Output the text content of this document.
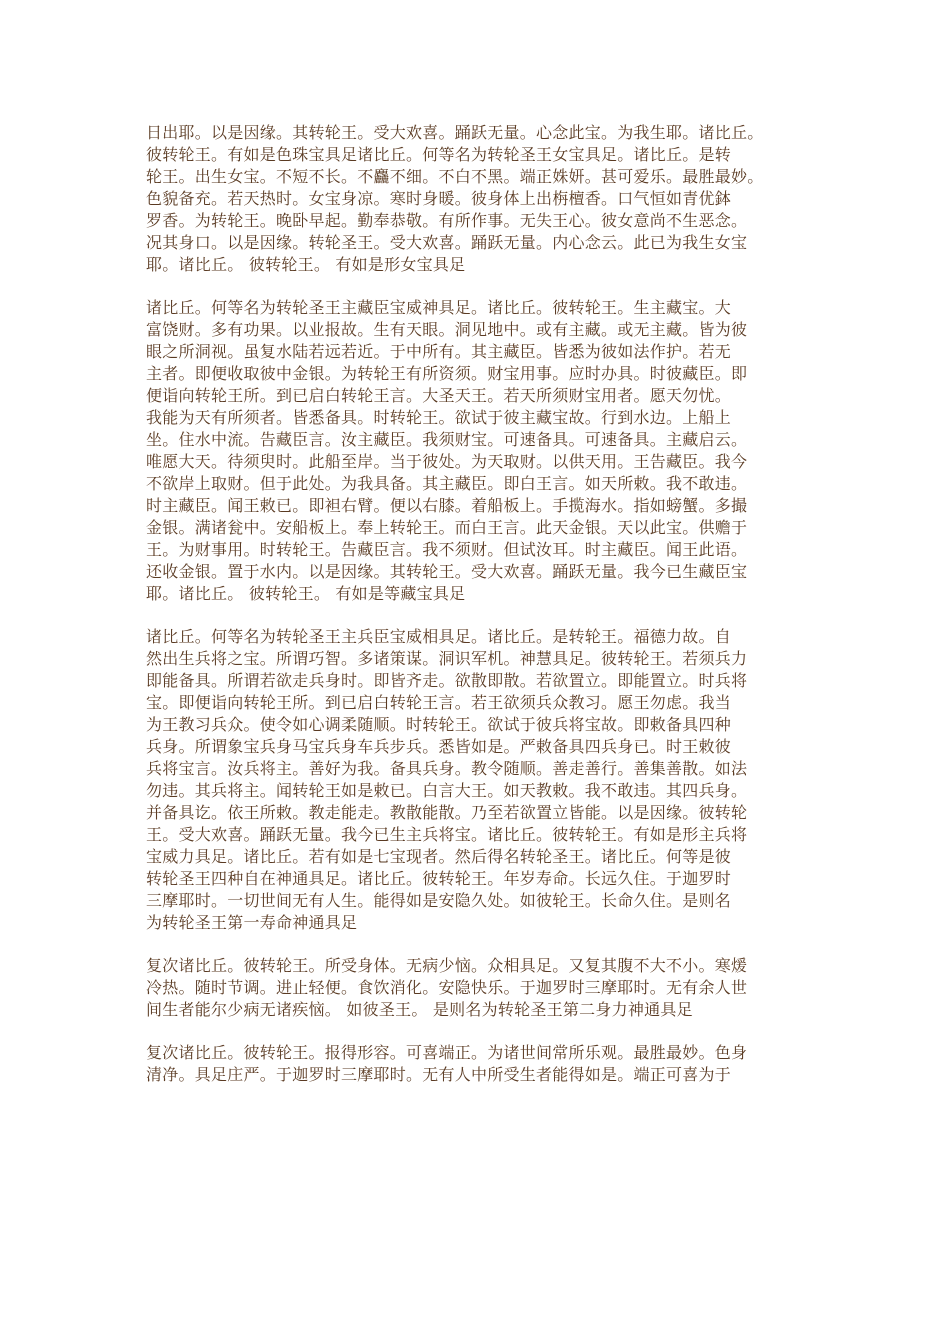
日出耶。以是因缘。其转轮王。受大欢喜。踊跃无量。心念此宝。为我生耶。诸比丘。
彼转轮王。有如是色珠宝具足诸比丘。何等名为转轮圣王女宝具足。诸比丘。是转
轮王。出生女宝。不短不长。不麤不细。不白不黑。端正姝妍。甚可爱乐。最胜最妙。
色貌备充。若天热时。女宝身凉。寒时身暖。彼身体上出栴檀香。口气恒如青优鉢
罗香。为转轮王。晚卧早起。勤奉恭敬。有所作事。无失王心。彼女意尚不生恶念。
况其身口。以是因缘。转轮圣王。受大欢喜。踊跃无量。内心念云。此已为我生女宝
耶。诸比丘。 彼转轮王。 有如是形女宝具足

诸比丘。何等名为转轮圣王主藏臣宝威神具足。诸比丘。彼转轮王。生主藏宝。大
富饶财。多有功果。以业报故。生有天眼。洞见地中。或有主藏。或无主藏。皆为彼
眼之所洞视。虽复水陆若远若近。于中所有。其主藏臣。皆悉为彼如法作护。若无
主者。即便收取彼中金银。为转轮王有所资须。财宝用事。应时办具。时彼藏臣。即
便诣向转轮王所。到已启白转轮王言。大圣天王。若天所须财宝用者。愿天勿忧。
我能为天有所须者。皆悉备具。时转轮王。欲试于彼主藏宝故。行到水边。上船上
坐。住水中流。告藏臣言。汝主藏臣。我须财宝。可速备具。可速备具。主藏启云。
唯愿大天。待须臾时。此船至岸。当于彼处。为天取财。以供天用。王告藏臣。我今
不欲岸上取财。但于此处。为我具备。其主藏臣。即白王言。如天所敕。我不敢违。
时主藏臣。闻王敕已。即袒右臂。便以右膝。着船板上。手揽海水。指如螃蟹。多撮
金银。满诸瓮中。安船板上。奉上转轮王。而白王言。此天金银。天以此宝。供赡于
王。为财事用。时转轮王。告藏臣言。我不须财。但试汝耳。时主藏臣。闻王此语。
还收金银。置于水内。以是因缘。其转轮王。受大欢喜。踊跃无量。我今已生藏臣宝
耶。诸比丘。 彼转轮王。 有如是等藏宝具足

诸比丘。何等名为转轮圣王主兵臣宝威相具足。诸比丘。是转轮王。福德力故。自
然出生兵将之宝。所谓巧智。多诸策谋。洞识军机。神慧具足。彼转轮王。若须兵力
即能备具。所谓若欲走兵身时。即皆齐走。欲散即散。若欲置立。即能置立。时兵将
宝。即便诣向转轮王所。到已启白转轮王言。若王欲须兵众教习。愿王勿虑。我当
为王教习兵众。使令如心调柔随顺。时转轮王。欲试于彼兵将宝故。即敕备具四种
兵身。所谓象宝兵身马宝兵身车兵步兵。悉皆如是。严敕备具四兵身已。时王敕彼
兵将宝言。汝兵将主。善好为我。备具兵身。教令随顺。善走善行。善集善散。如法
勿违。其兵将主。闻转轮王如是敕已。白言大王。如天教敕。我不敢违。其四兵身。
并备具讫。依王所敕。教走能走。教散能散。乃至若欲置立皆能。以是因缘。彼转轮
王。受大欢喜。踊跃无量。我今已生主兵将宝。诸比丘。彼转轮王。有如是形主兵将
宝威力具足。诸比丘。若有如是七宝现者。然后得名转轮圣王。诸比丘。何等是彼
转轮圣王四种自在神通具足。诸比丘。彼转轮王。年岁寿命。长远久住。于迦罗时
三摩耶时。一切世间无有人生。能得如是安隐久处。如彼轮王。长命久住。是则名
为转轮圣王第一寿命神通具足

复次诸比丘。彼转轮王。所受身体。无病少恼。众相具足。又复其腹不大不小。寒煖
冷热。随时节调。进止轻便。食饮消化。安隐快乐。于迦罗时三摩耶时。无有余人世
间生者能尔少病无诸疾恼。 如彼圣王。 是则名为转轮圣王第二身力神通具足

复次诸比丘。彼转轮王。报得形容。可喜端正。为诸世间常所乐观。最胜最妙。色身
清净。具足庄严。于迦罗时三摩耶时。无有人中所受生者能得如是。端正可喜为于
